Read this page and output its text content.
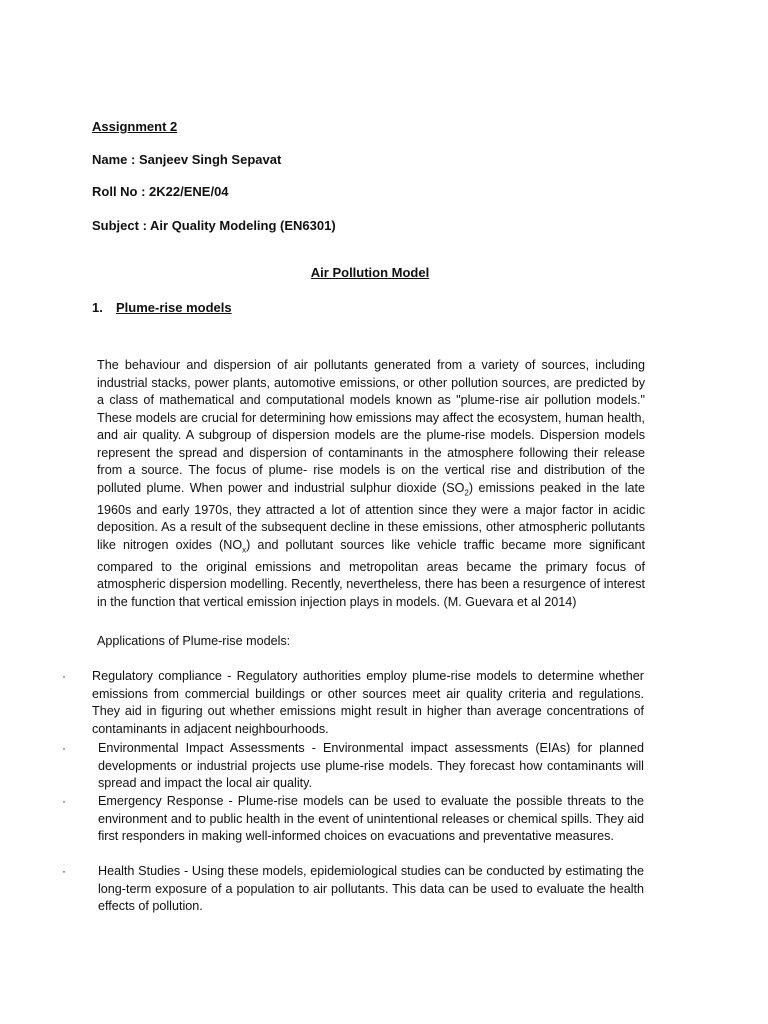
Assignment 2

Name : Sanjeev Singh Sepavat

Roll No : 2K22/ENE/04

Subject : Air Quality Modeling (EN6301)

Air Pollution Model

1. Plume-rise models

The behaviour and dispersion of air pollutants generated from a variety of sources, including industrial stacks, power plants, automotive emissions, or other pollution sources, are predicted by a class of mathematical and computational models known as "plume-rise air pollution models." These models are crucial for determining how emissions may affect the ecosystem, human health, and air quality. A subgroup of dispersion models are the plume-rise models. Dispersion models represent the spread and dispersion of contaminants in the atmosphere following their release from a source. The focus of plume- rise models is on the vertical rise and distribution of the polluted plume. When power and industrial sulphur dioxide $(SO_2)$ emissions peaked in the late 1960s and early 1970s, they attracted a lot of attention since they were a major factor in acidic deposition. As a result of the subsequent decline in these emissions, other atmospheric pollutants like nitrogen oxides $(NO_x)$ and pollutant sources like vehicle traffic became more significant compared to the original emissions and metropolitan areas became the primary focus of atmospheric dispersion modelling. Recently, nevertheless, there has been a resurgence of interest in the function that vertical emission injection plays in models. (M. Guevara et al 2014)

Applications of Plume-rise models:

·	Regulatory compliance - Regulatory authorities employ plume-rise models to determine whether emissions from commercial buildings or other sources meet air quality criteria and regulations. They aid in figuring out whether emissions might result in higher than average concentrations of contaminants in adjacent neighbourhoods.
·	Environmental Impact Assessments - Environmental impact assessments (EIAs) for planned developments or industrial projects use plume-rise models. They forecast how contaminants will spread and impact the local air quality.
·	Emergency Response - Plume-rise models can be used to evaluate the possible threats to the environment and to public health in the event of unintentional releases or chemical spills. They aid first responders in making well-informed choices on evacuations and preventative measures.
·	Health Studies - Using these models, epidemiological studies can be conducted by estimating the long-term exposure of a population to air pollutants. This data can be used to evaluate the health effects of pollution.
